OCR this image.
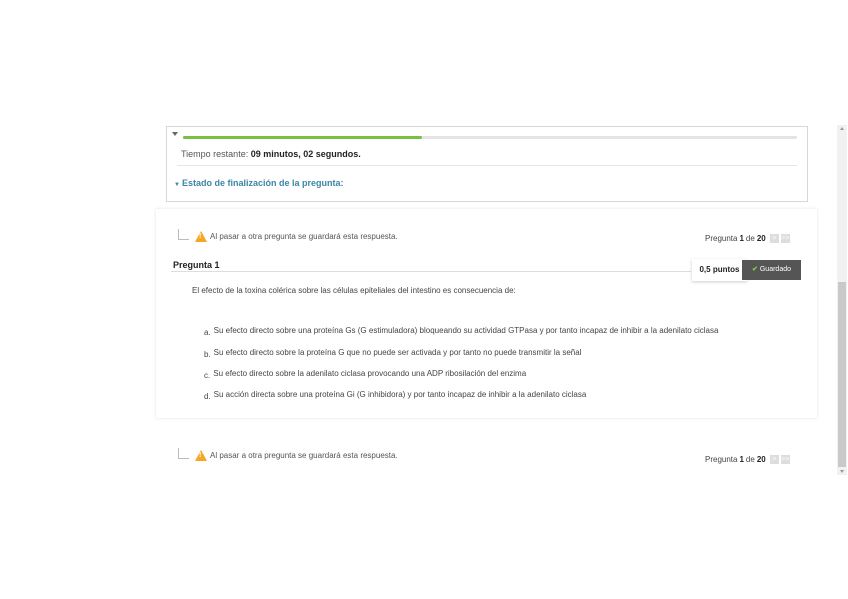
Tiempo restante: 09 minutos, 02 segundos.
▼ Estado de finalización de la pregunta:
!
Al pasar a otra pregunta se guardará esta respuesta.	Pregunta 1 de 20 > >>
Pregunta 1	0,5 puntos	✔ Guardado
El efecto de la toxina colérica sobre las células epiteliales del intestino es consecuencia de:
a. Su efecto directo sobre una proteína Gs (G estimuladora) bloqueando su actividad GTPasa y por tanto incapaz de inhibir a la adenilato ciclasa
b. Su efecto directo sobre la proteína G que no puede ser activada y por tanto no puede transmitir la señal
c. Su efecto directo sobre la adenilato ciclasa provocando una ADP ribosilación del enzima
d. Su acción directa sobre una proteína Gi (G inhibidora) y por tanto incapaz de inhibir a la adenilato ciclasa
!
Al pasar a otra pregunta se guardará esta respuesta.	Pregunta 1 de 20 > >>
